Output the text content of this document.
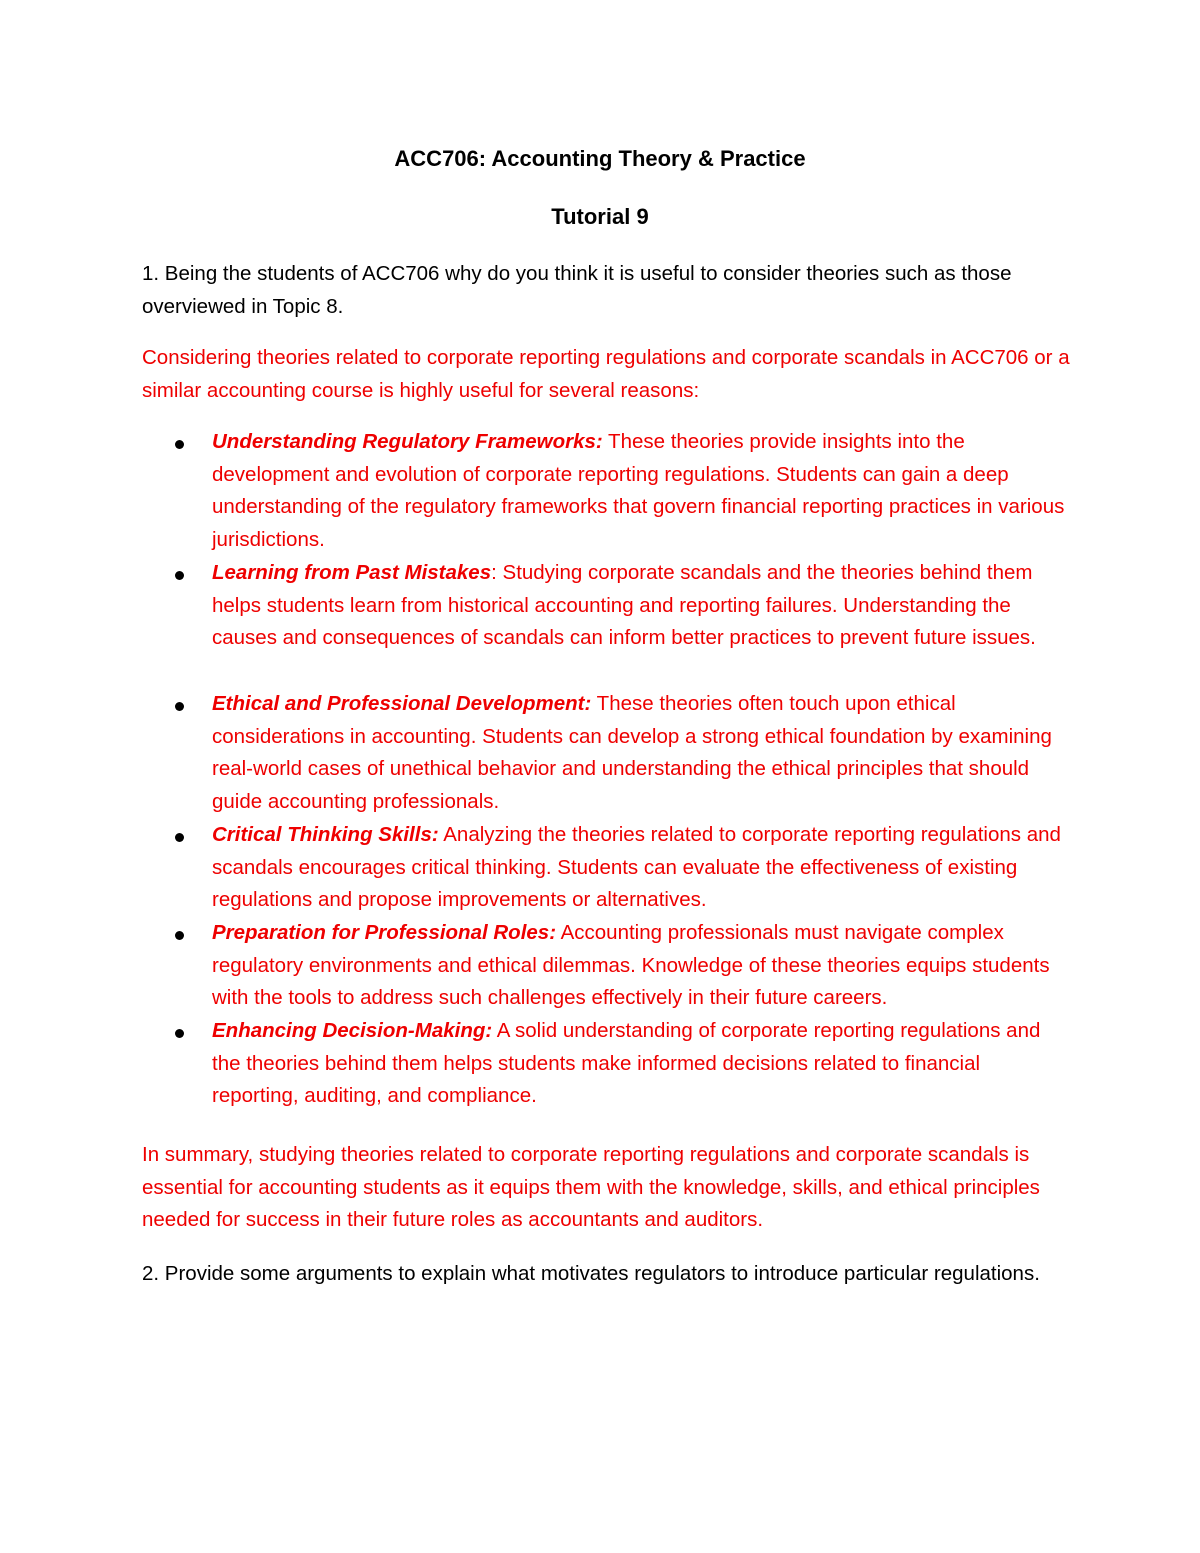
ACC706: Accounting Theory & Practice
Tutorial 9
1. Being the students of ACC706 why do you think it is useful to consider theories such as those overviewed in Topic 8.
Considering theories related to corporate reporting regulations and corporate scandals in ACC706 or a similar accounting course is highly useful for several reasons:
Understanding Regulatory Frameworks: These theories provide insights into the development and evolution of corporate reporting regulations. Students can gain a deep understanding of the regulatory frameworks that govern financial reporting practices in various jurisdictions.
Learning from Past Mistakes: Studying corporate scandals and the theories behind them helps students learn from historical accounting and reporting failures. Understanding the causes and consequences of scandals can inform better practices to prevent future issues.
Ethical and Professional Development: These theories often touch upon ethical considerations in accounting. Students can develop a strong ethical foundation by examining real-world cases of unethical behavior and understanding the ethical principles that should guide accounting professionals.
Critical Thinking Skills: Analyzing the theories related to corporate reporting regulations and scandals encourages critical thinking. Students can evaluate the effectiveness of existing regulations and propose improvements or alternatives.
Preparation for Professional Roles: Accounting professionals must navigate complex regulatory environments and ethical dilemmas. Knowledge of these theories equips students with the tools to address such challenges effectively in their future careers.
Enhancing Decision-Making: A solid understanding of corporate reporting regulations and the theories behind them helps students make informed decisions related to financial reporting, auditing, and compliance.
In summary, studying theories related to corporate reporting regulations and corporate scandals is essential for accounting students as it equips them with the knowledge, skills, and ethical principles needed for success in their future roles as accountants and auditors.
2. Provide some arguments to explain what motivates regulators to introduce particular regulations.
